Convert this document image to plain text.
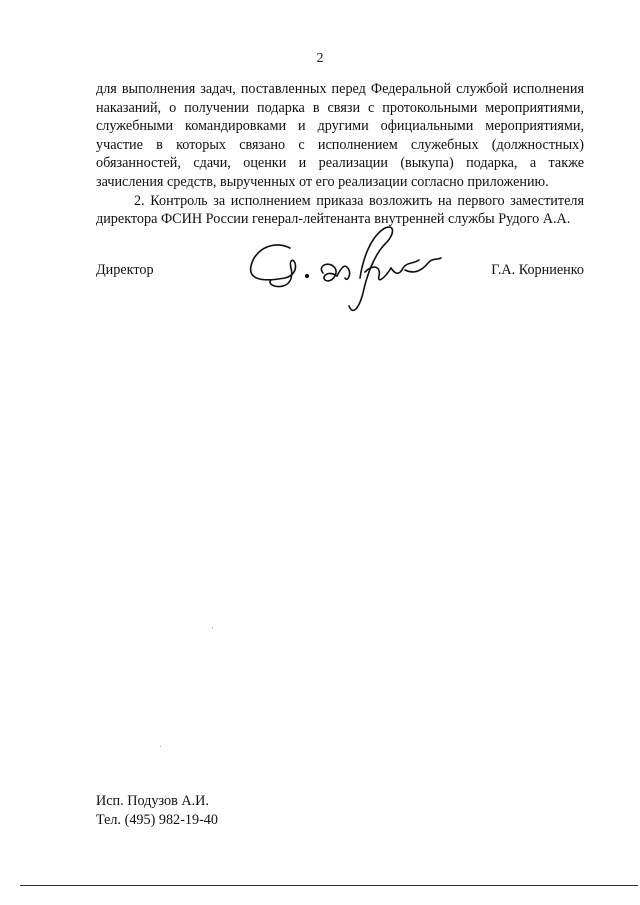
2

для выполнения задач, поставленных перед Федеральной службой исполнения наказаний, о получении подарка в связи с протокольными мероприятиями, служебными командировками и другими официальными мероприятиями, участие в которых связано с исполнением служебных (должностных) обязанностей, сдачи, оценки и реализации (выкупа) подарка, а также зачисления средств, вырученных от его реализации согласно приложению.

2. Контроль за исполнением приказа возложить на первого заместителя директора ФСИН России генерал-лейтенанта внутренней службы Рудого А.А.

Директор	Г.А. Корниенко
Исп. Подузов А.И.
Тел. (495) 982-19-40
